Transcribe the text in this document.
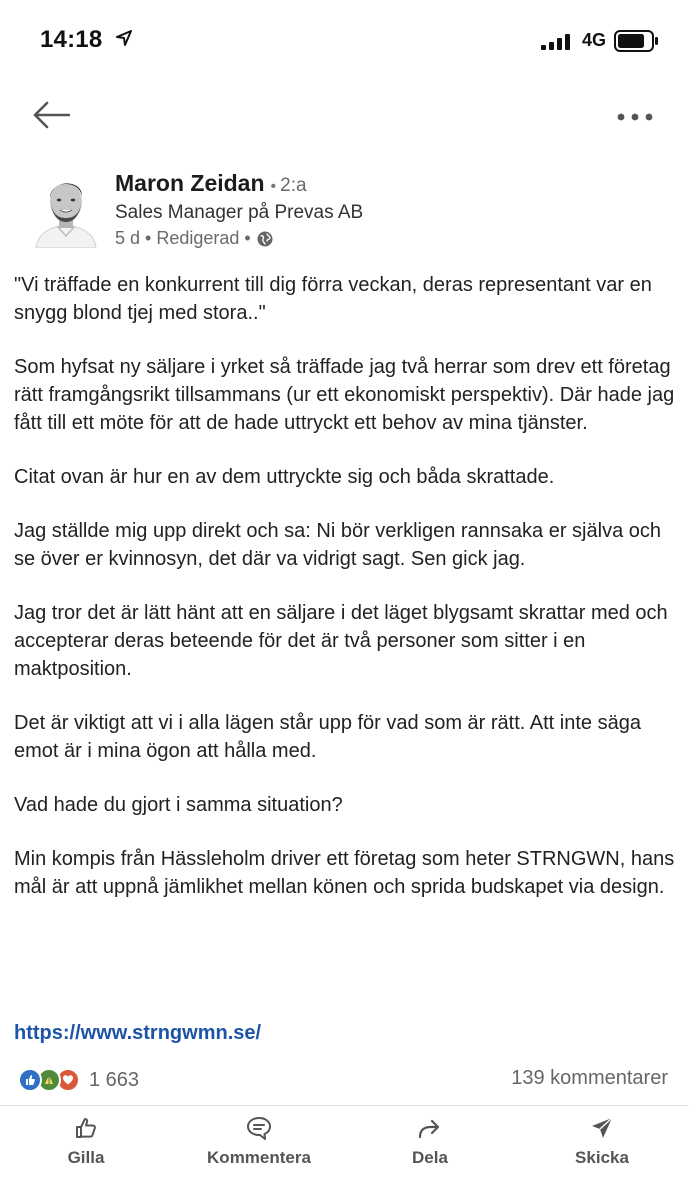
14:18	4G
Maron Zeidan • 2:a
Sales Manager på Prevas AB
5 d • Redigerad •

"Vi träffade en konkurrent till dig förra veckan, deras representant var en snygg blond tjej med stora.."

Som hyfsat ny säljare i yrket så träffade jag två herrar som drev ett företag rätt framgångsrikt tillsammans (ur ett ekonomiskt perspektiv). Där hade jag fått till ett möte för att de hade uttryckt ett behov av mina tjänster.

Citat ovan är hur en av dem uttryckte sig och båda skrattade.

Jag ställde mig upp direkt och sa: Ni bör verkligen rannsaka er själva och se över er kvinnosyn, det där va vidrigt sagt. Sen gick jag.

Jag tror det är lätt hänt att en säljare i det läget blygsamt skrattar med och accepterar deras beteende för det är två personer som sitter i en maktposition.

Det är viktigt att vi i alla lägen står upp för vad som är rätt. Att inte säga emot är i mina ögon att hålla med.

Vad hade du gjort i samma situation?

Min kompis från Hässleholm driver ett företag som heter STRNGWN, hans mål är att uppnå jämlikhet mellan könen och sprida budskapet via design.

https://www.strngwmn.se/
1 663	139 kommentarer
Gilla	Kommentera	Dela	Skicka
